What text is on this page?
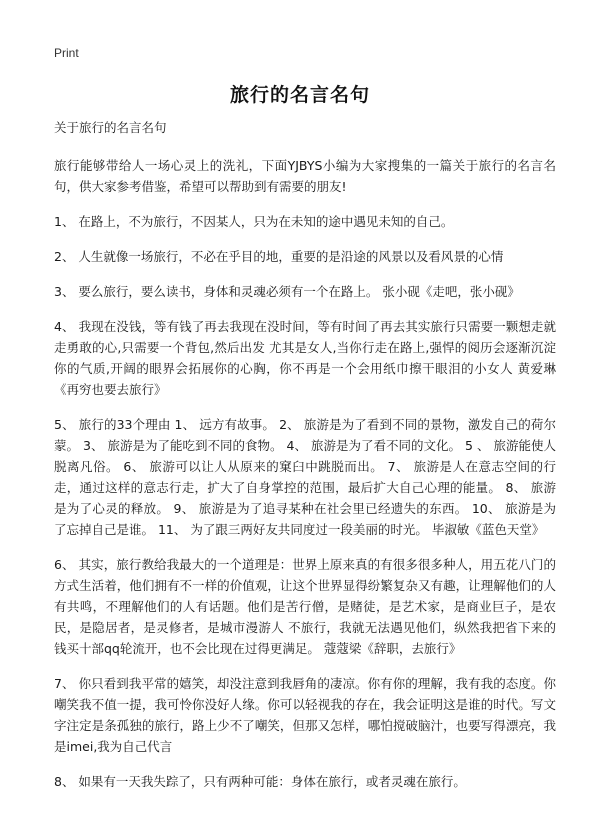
Print
旅行的名言名句

关于旅行的名言名句

旅行能够带给人一场心灵上的洗礼，下面YJBYS小编为大家搜集的一篇关于旅行的名言名句，供大家参考借鉴，希望可以帮助到有需要的朋友!

1、 在路上，不为旅行，不因某人，只为在未知的途中遇见未知的自己。

2、 人生就像一场旅行，不必在乎目的地，重要的是沿途的风景以及看风景的心情

3、 要么旅行，要么读书，身体和灵魂必须有一个在路上。 张小砚《走吧，张小砚》

4、 我现在没钱，等有钱了再去我现在没时间，等有时间了再去其实旅行只需要一颗想走就走勇敢的心,只需要一个背包,然后出发 尤其是女人,当你行走在路上,强悍的阅历会逐渐沉淀你的气质,开阔的眼界会拓展你的心胸，你不再是一个会用纸巾擦干眼泪的小女人 黄爱琳《再穷也要去旅行》

5、 旅行的33个理由 1、 远方有故事。 2、 旅游是为了看到不同的景物，激发自己的荷尔蒙。 3、 旅游是为了能吃到不同的食物。 4、 旅游是为了看不同的文化。 5 、 旅游能使人脱离凡俗。 6、 旅游可以让人从原来的窠臼中跳脱而出。 7、 旅游是人在意志空间的行走，通过这样的意志行走，扩大了自身掌控的范围，最后扩大自己心理的能量。 8、 旅游是为了心灵的释放。 9、 旅游是为了追寻某种在社会里已经遗失的东西。 10、 旅游是为了忘掉自己是谁。 11、 为了跟三两好友共同度过一段美丽的时光。 毕淑敏《蓝色天堂》

6、 其实，旅行教给我最大的一个道理是：世界上原来真的有很多很多种人，用五花八门的方式生活着，他们拥有不一样的价值观，让这个世界显得纷繁复杂又有趣，让理解他们的人有共鸣，不理解他们的人有话题。他们是苦行僧，是赌徒，是艺术家，是商业巨子，是农民，是隐居者，是灵修者，是城市漫游人 不旅行，我就无法遇见他们，纵然我把省下来的钱买十部qq轮流开，也不会比现在过得更满足。 蔻蔻梁《辞职，去旅行》

7、 你只看到我平常的嬉笑，却没注意到我唇角的凄凉。你有你的理解，我有我的态度。你嘲笑我不值一提，我可怜你没好人缘。你可以轻视我的存在，我会证明这是谁的时代。写文字注定是条孤独的旅行，路上少不了嘲笑，但那又怎样，哪怕搅破脑汁，也要写得漂亮，我是imei,我为自己代言

8、 如果有一天我失踪了，只有两种可能：身体在旅行，或者灵魂在旅行。
